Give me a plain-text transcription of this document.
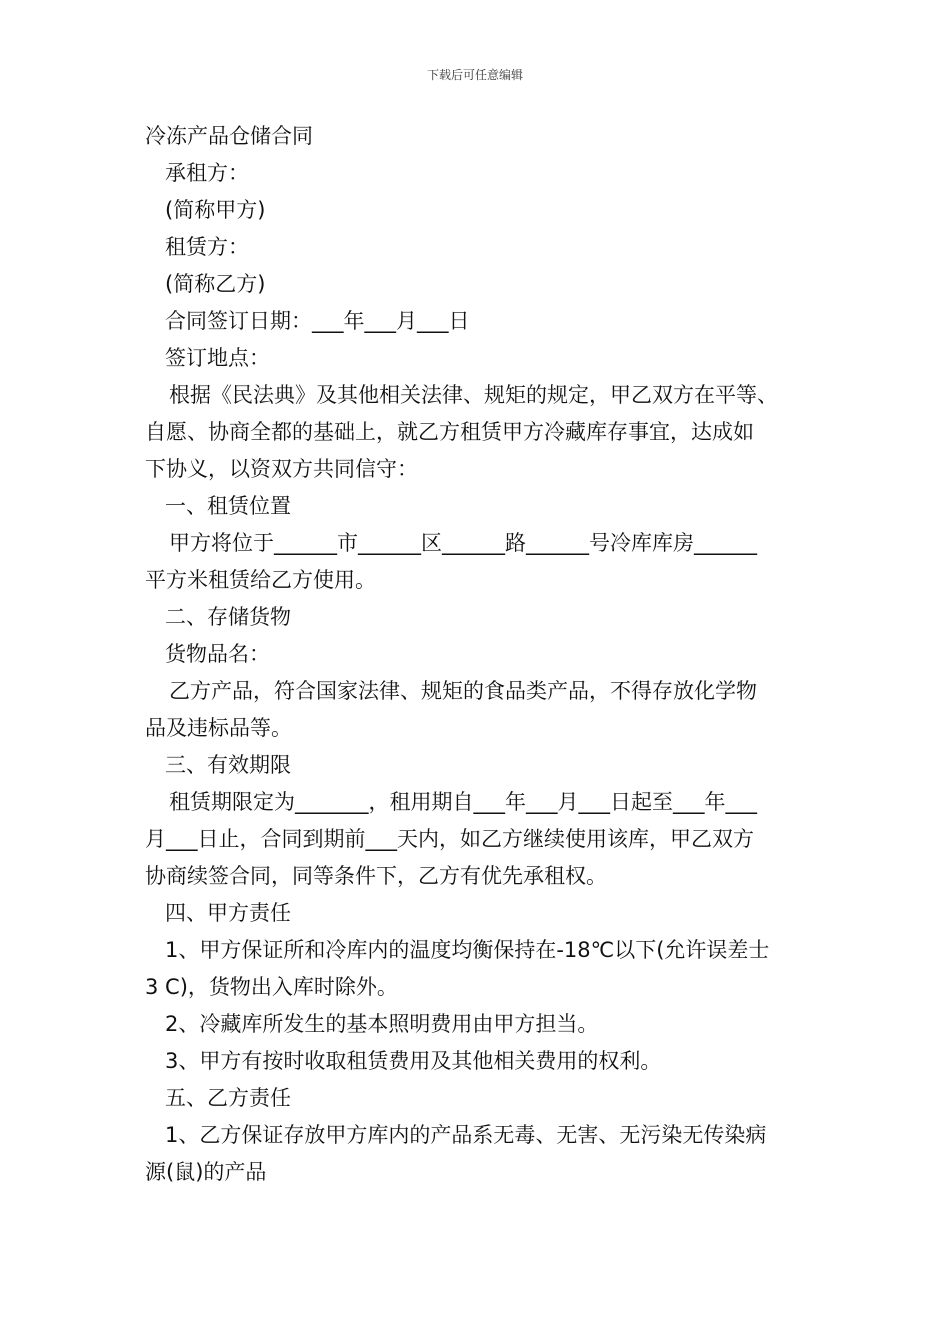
下载后可任意编辑
冷冻产品仓储合同
承租方：
(简称甲方)
租赁方：
(简称乙方)
合同签订日期：___年___月___日
签订地点：
根据《民法典》及其他相关法律、规矩的规定，甲乙双方在平等、
自愿、协商全都的基础上，就乙方租赁甲方冷藏库存事宜，达成如
下协义，以资双方共同信守：
一、租赁位置
甲方将位于______市______区______路______号冷库库房______
平方米租赁给乙方使用。
二、存储货物
货物品名：
乙方产品，符合国家法律、规矩的食品类产品，不得存放化学物
品及违标品等。
三、有效期限
租赁期限定为_______，租用期自___年___月___日起至___年___
月___日止，合同到期前___天内，如乙方继续使用该库，甲乙双方
协商续签合同，同等条件下，乙方有优先承租权。
四、甲方责任
1、甲方保证所和冷库内的温度均衡保持在-18℃以下(允许误差士
3 C)，货物出入库时除外。
2、冷藏库所发生的基本照明费用由甲方担当。
3、甲方有按时收取租赁费用及其他相关费用的权利。
五、乙方责任
1、乙方保证存放甲方库内的产品系无毒、无害、无污染无传染病
源(鼠)的产品
